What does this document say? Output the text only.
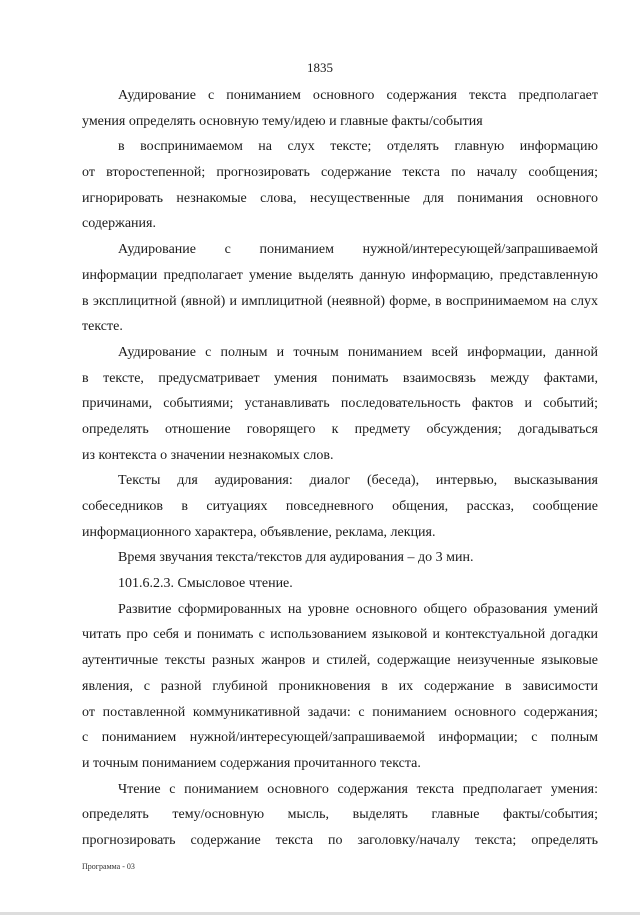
1835
Аудирование с пониманием основного содержания текста предполагает
умения определять основную тему/идею и главные факты/события
в воспринимаемом на слух тексте; отделять главную информацию
от второстепенной; прогнозировать содержание текста по началу сообщения;
игнорировать незнакомые слова, несущественные для понимания основного
содержания.
Аудирование с пониманием нужной/интересующей/запрашиваемой
информации предполагает умение выделять данную информацию, представленную
в эксплицитной (явной) и имплицитной (неявной) форме, в воспринимаемом на слух
тексте.
Аудирование с полным и точным пониманием всей информации, данной
в тексте, предусматривает умения понимать взаимосвязь между фактами,
причинами, событиями; устанавливать последовательность фактов и событий;
определять отношение говорящего к предмету обсуждения; догадываться
из контекста о значении незнакомых слов.
Тексты для аудирования: диалог (беседа), интервью, высказывания
собеседников в ситуациях повседневного общения, рассказ, сообщение
информационного характера, объявление, реклама, лекция.
Время звучания текста/текстов для аудирования – до 3 мин.
101.6.2.3. Смысловое чтение.
Развитие сформированных на уровне основного общего образования умений
читать про себя и понимать с использованием языковой и контекстуальной догадки
аутентичные тексты разных жанров и стилей, содержащие неизученные языковые
явления, с разной глубиной проникновения в их содержание в зависимости
от поставленной коммуникативной задачи: с пониманием основного содержания;
с пониманием нужной/интересующей/запрашиваемой информации; с полным
и точным пониманием содержания прочитанного текста.
Чтение с пониманием основного содержания текста предполагает умения:
определять тему/основную мысль, выделять главные факты/события;
прогнозировать содержание текста по заголовку/началу текста; определять
Программа - 03
